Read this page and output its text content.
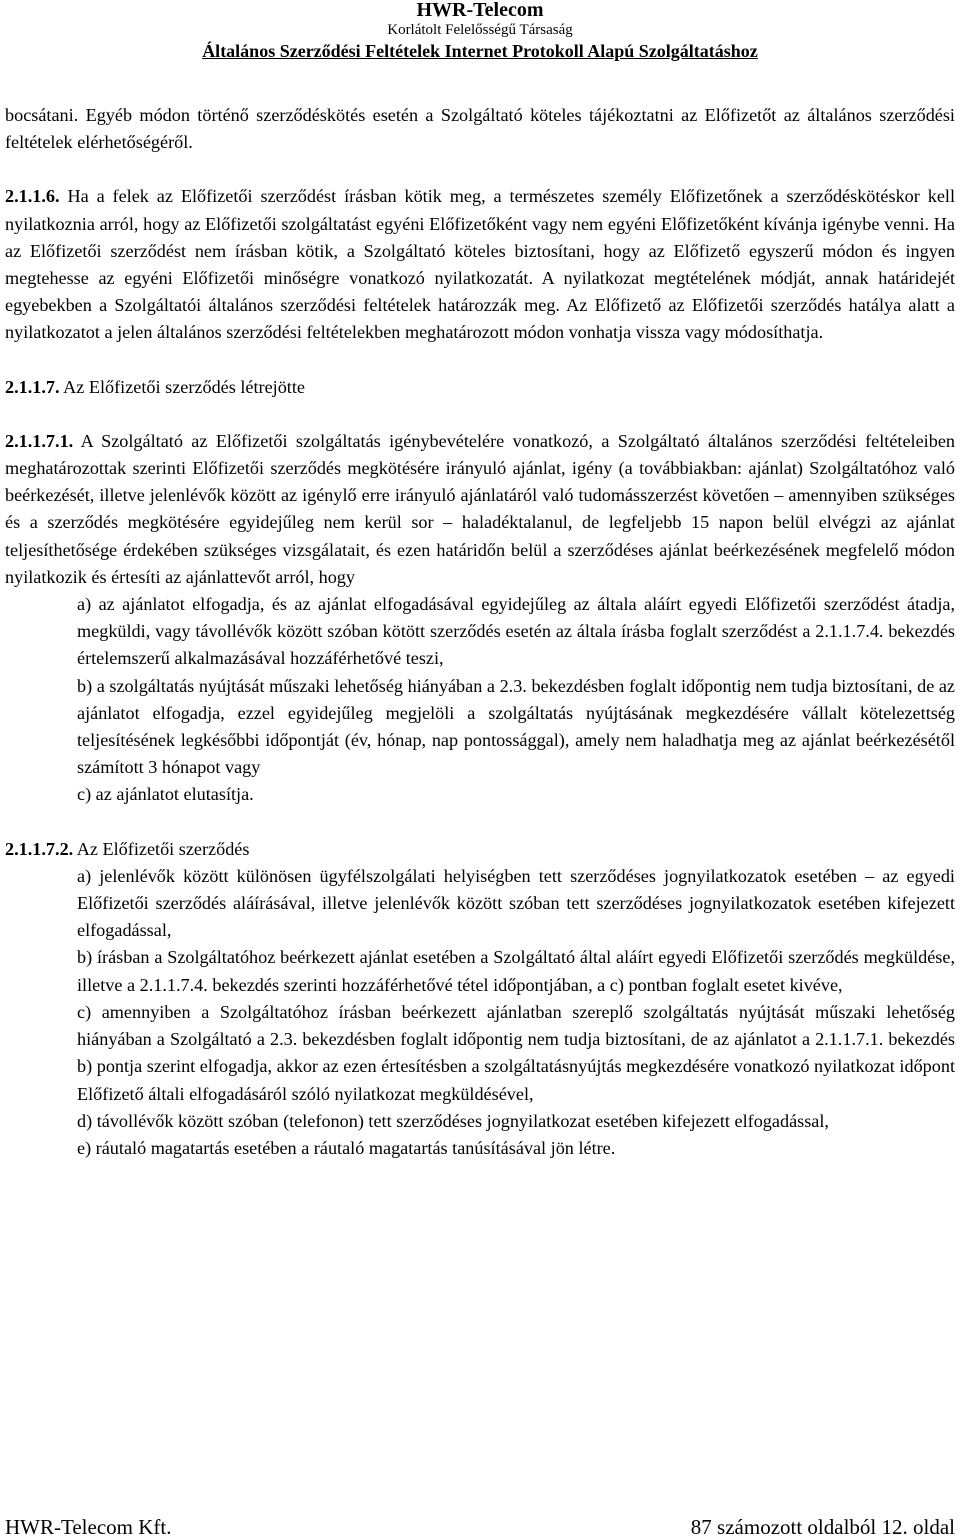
HWR-Telecom
Korlátolt Felelősségű Társaság
Általános Szerződési Feltételek Internet Protokoll Alapú Szolgáltatáshoz

bocsátani. Egyéb módon történő szerződéskötés esetén a Szolgáltató köteles tájékoztatni az Előfizetőt az általános szerződési feltételek elérhetőségéről.

2.1.1.6. Ha a felek az Előfizetői szerződést írásban kötik meg, a természetes személy Előfizetőnek a szerződéskötéskor kell nyilatkoznia arról, hogy az Előfizetői szolgáltatást egyéni Előfizetőként vagy nem egyéni Előfizetőként kívánja igénybe venni. Ha az Előfizetői szerződést nem írásban kötik, a Szolgáltató köteles biztosítani, hogy az Előfizető egyszerű módon és ingyen megtehesse az egyéni Előfizetői minőségre vonatkozó nyilatkozatát. A nyilatkozat megtételének módját, annak határidejét egyebekben a Szolgáltatói általános szerződési feltételek határozzák meg. Az Előfizető az Előfizetői szerződés hatálya alatt a nyilatkozatot a jelen általános szerződési feltételekben meghatározott módon vonhatja vissza vagy módosíthatja.

2.1.1.7. Az Előfizetői szerződés létrejötte

2.1.1.7.1. A Szolgáltató az Előfizetői szolgáltatás igénybevételére vonatkozó, a Szolgáltató általános szerződési feltételeiben meghatározottak szerinti Előfizetői szerződés megkötésére irányuló ajánlat, igény (a továbbiakban: ajánlat) Szolgáltatóhoz való beérkezését, illetve jelenlévők között az igénylő erre irányuló ajánlatáról való tudomásszerzést követően – amennyiben szükséges és a szerződés megkötésére egyidejűleg nem kerül sor – haladéktalanul, de legfeljebb 15 napon belül elvégzi az ajánlat teljesíthetősége érdekében szükséges vizsgálatait, és ezen határidőn belül a szerződéses ajánlat beérkezésének megfelelő módon nyilatkozik és értesíti az ajánlattevőt arról, hogy

a) az ajánlatot elfogadja, és az ajánlat elfogadásával egyidejűleg az általa aláírt egyedi Előfizetői szerződést átadja, megküldi, vagy távollévők között szóban kötött szerződés esetén az általa írásba foglalt szerződést a 2.1.1.7.4. bekezdés értelemszerű alkalmazásával hozzáférhetővé teszi,

b) a szolgáltatás nyújtását műszaki lehetőség hiányában a 2.3. bekezdésben foglalt időpontig nem tudja biztosítani, de az ajánlatot elfogadja, ezzel egyidejűleg megjelöli a szolgáltatás nyújtásának megkezdésére vállalt kötelezettség teljesítésének legkésőbbi időpontját (év, hónap, nap pontossággal), amely nem haladhatja meg az ajánlat beérkezésétől számított 3 hónapot vagy

c) az ajánlatot elutasítja.

2.1.1.7.2. Az Előfizetői szerződés

a) jelenlévők között különösen ügyfélszolgálati helyiségben tett szerződéses jognyilatkozatok esetében – az egyedi Előfizetői szerződés aláírásával, illetve jelenlévők között szóban tett szerződéses jognyilatkozatok esetében kifejezett elfogadással,

b) írásban a Szolgáltatóhoz beérkezett ajánlat esetében a Szolgáltató által aláírt egyedi Előfizetői szerződés megküldése, illetve a 2.1.1.7.4. bekezdés szerinti hozzáférhetővé tétel időpontjában, a c) pontban foglalt esetet kivéve,

c) amennyiben a Szolgáltatóhoz írásban beérkezett ajánlatban szereplő szolgáltatás nyújtását műszaki lehetőség hiányában a Szolgáltató a 2.3. bekezdésben foglalt időpontig nem tudja biztosítani, de az ajánlatot a 2.1.1.7.1. bekezdés b) pontja szerint elfogadja, akkor az ezen értesítésben a szolgáltatásnyújtás megkezdésére vonatkozó nyilatkozat időpont Előfizető általi elfogadásáról szóló nyilatkozat megküldésével,

d) távollévők között szóban (telefonon) tett szerződéses jognyilatkozat esetében kifejezett elfogadással,

e) ráutaló magatartás esetében a ráutaló magatartás tanúsításával jön létre.

HWR-Telecom Kft.	87 számozott oldalból 12. oldal
